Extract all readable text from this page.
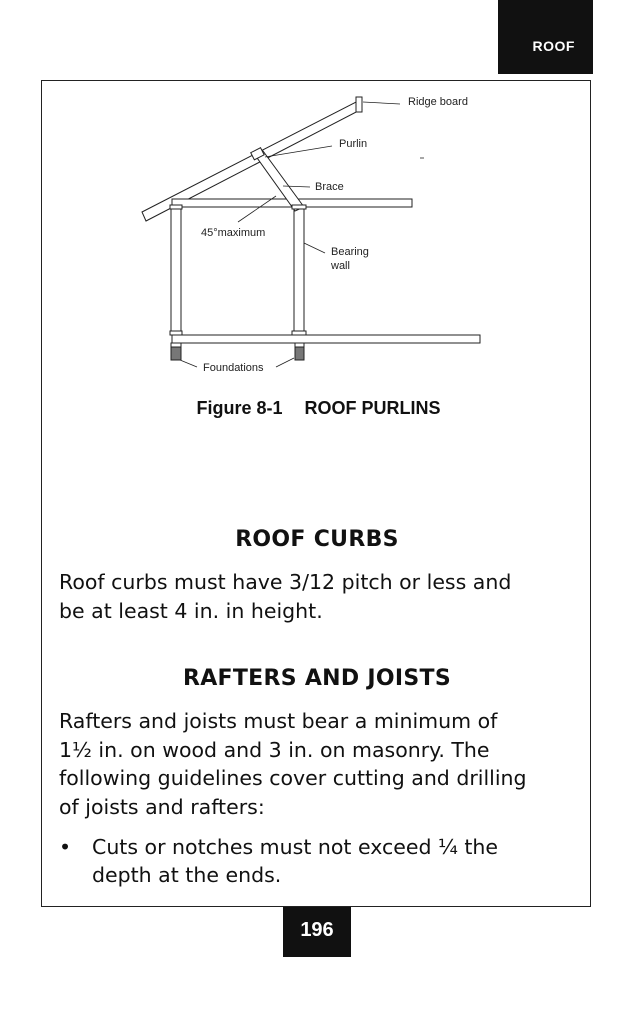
ROOF
Ridge board
Purlin
Brace
45°maximum
Bearing
wall
Foundations
Figure 8-1 ROOF PURLINS
ROOF CURBS
Roof curbs must have 3/12 pitch or less and
be at least 4 in. in height.
RAFTERS AND JOISTS
Rafters and joists must bear a minimum of
1½ in. on wood and 3 in. on masonry. The
following guidelines cover cutting and drilling
of joists and rafters:
• Cuts or notches must not exceed ¼ the
depth at the ends.
196
